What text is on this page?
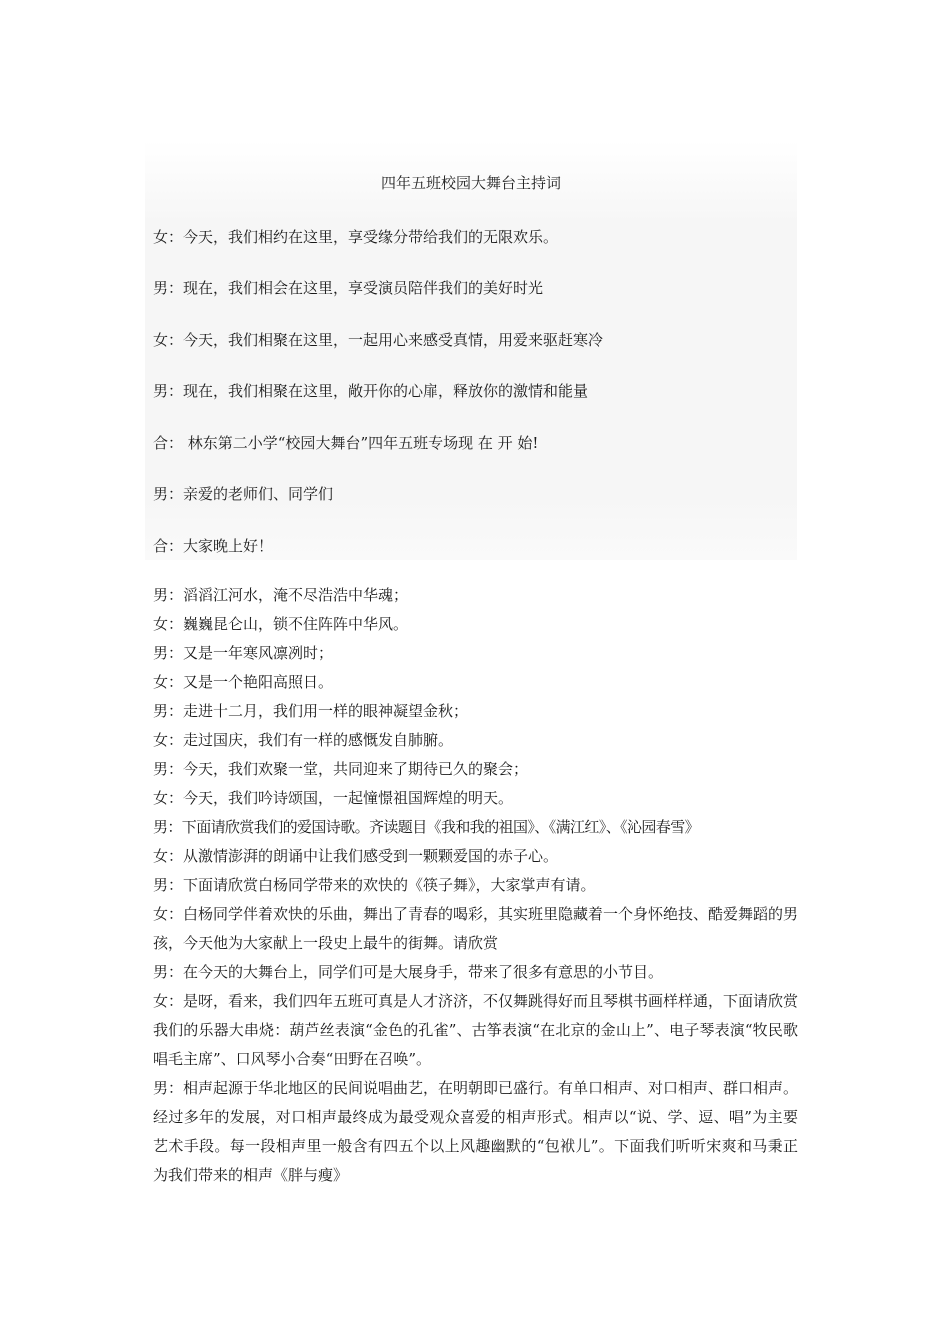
四年五班校园大舞台主持词
女：今天，我们相约在这里，享受缘分带给我们的无限欢乐。
男：现在，我们相会在这里，享受演员陪伴我们的美好时光
女：今天，我们相聚在这里，一起用心来感受真情，用爱来驱赶寒冷
男：现在，我们相聚在这里，敞开你的心扉，释放你的激情和能量
合： 林东第二小学“校园大舞台”四年五班专场现 在 开 始!
男：亲爱的老师们、同学们
合：大家晚上好！

男：滔滔江河水，淹不尽浩浩中华魂；

女：巍巍昆仑山，锁不住阵阵中华风。

男：又是一年寒风凛冽时；

女：又是一个艳阳高照日。

男：走进十二月，我们用一样的眼神凝望金秋；

女：走过国庆，我们有一样的感慨发自肺腑。

男：今天，我们欢聚一堂，共同迎来了期待已久的聚会；

女：今天，我们吟诗颂国，一起憧憬祖国辉煌的明天。

男：下面请欣赏我们的爱国诗歌。齐读题目《我和我的祖国》、《满江红》、《沁园春雪》

女：从激情澎湃的朗诵中让我们感受到一颗颗爱国的赤子心。

男：下面请欣赏白杨同学带来的欢快的《筷子舞》，大家掌声有请。

女：白杨同学伴着欢快的乐曲，舞出了青春的喝彩，其实班里隐藏着一个身怀绝技、酷爱舞蹈的男孩，今天他为大家献上一段史上最牛的街舞。请欣赏

男：在今天的大舞台上，同学们可是大展身手，带来了很多有意思的小节目。

女：是呀，看来，我们四年五班可真是人才济济，不仅舞跳得好而且琴棋书画样样通，下面请欣赏我们的乐器大串烧：葫芦丝表演“金色的孔雀”、古筝表演“在北京的金山上”、电子琴表演“牧民歌唱毛主席”、口风琴小合奏“田野在召唤”。

男：相声起源于华北地区的民间说唱曲艺，在明朝即已盛行。有单口相声、对口相声、群口相声。经过多年的发展，对口相声最终成为最受观众喜爱的相声形式。相声以“说、学、逗、唱”为主要艺术手段。每一段相声里一般含有四五个以上风趣幽默的“包袱儿”。下面我们听听宋爽和马秉正为我们带来的相声《胖与瘦》
